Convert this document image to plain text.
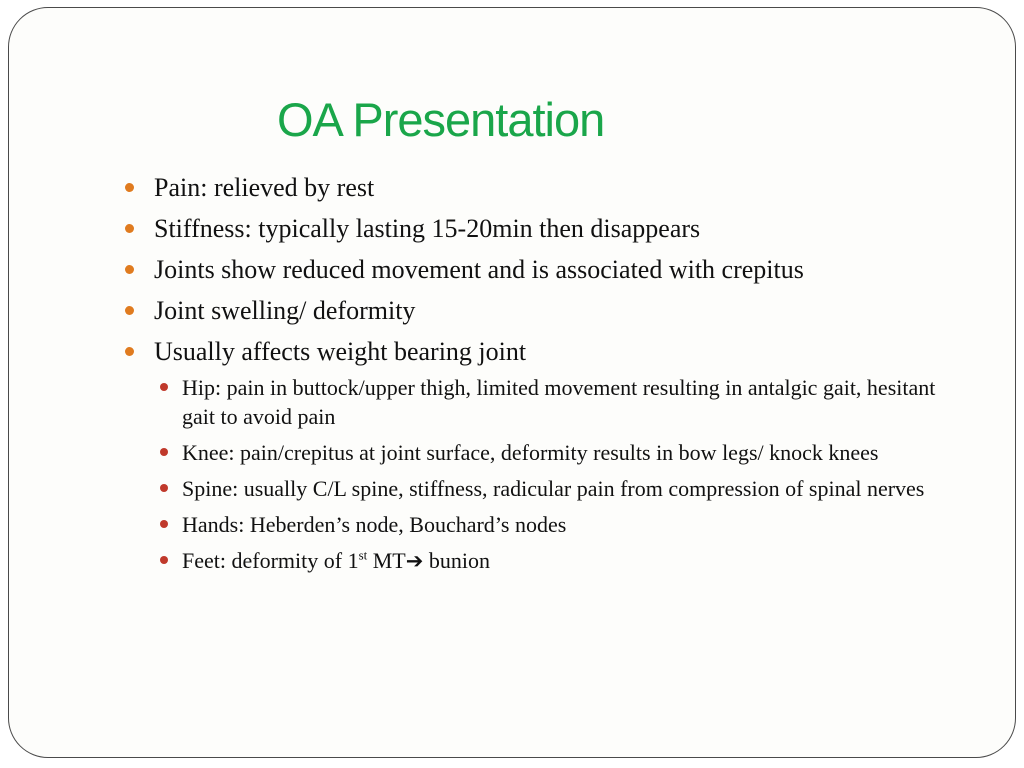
OA Presentation
Pain: relieved by rest
Stiffness: typically lasting 15-20min then disappears
Joints show reduced movement and is associated with crepitus
Joint swelling/ deformity
Usually affects weight bearing joint
Hip: pain in buttock/upper thigh, limited movement resulting in antalgic gait, hesitant gait to avoid pain
Knee: pain/crepitus at joint surface, deformity results in bow legs/ knock knees
Spine: usually C/L spine, stiffness, radicular pain from compression of spinal nerves
Hands: Heberden’s node, Bouchard’s nodes
Feet: deformity of 1st MT➔ bunion
